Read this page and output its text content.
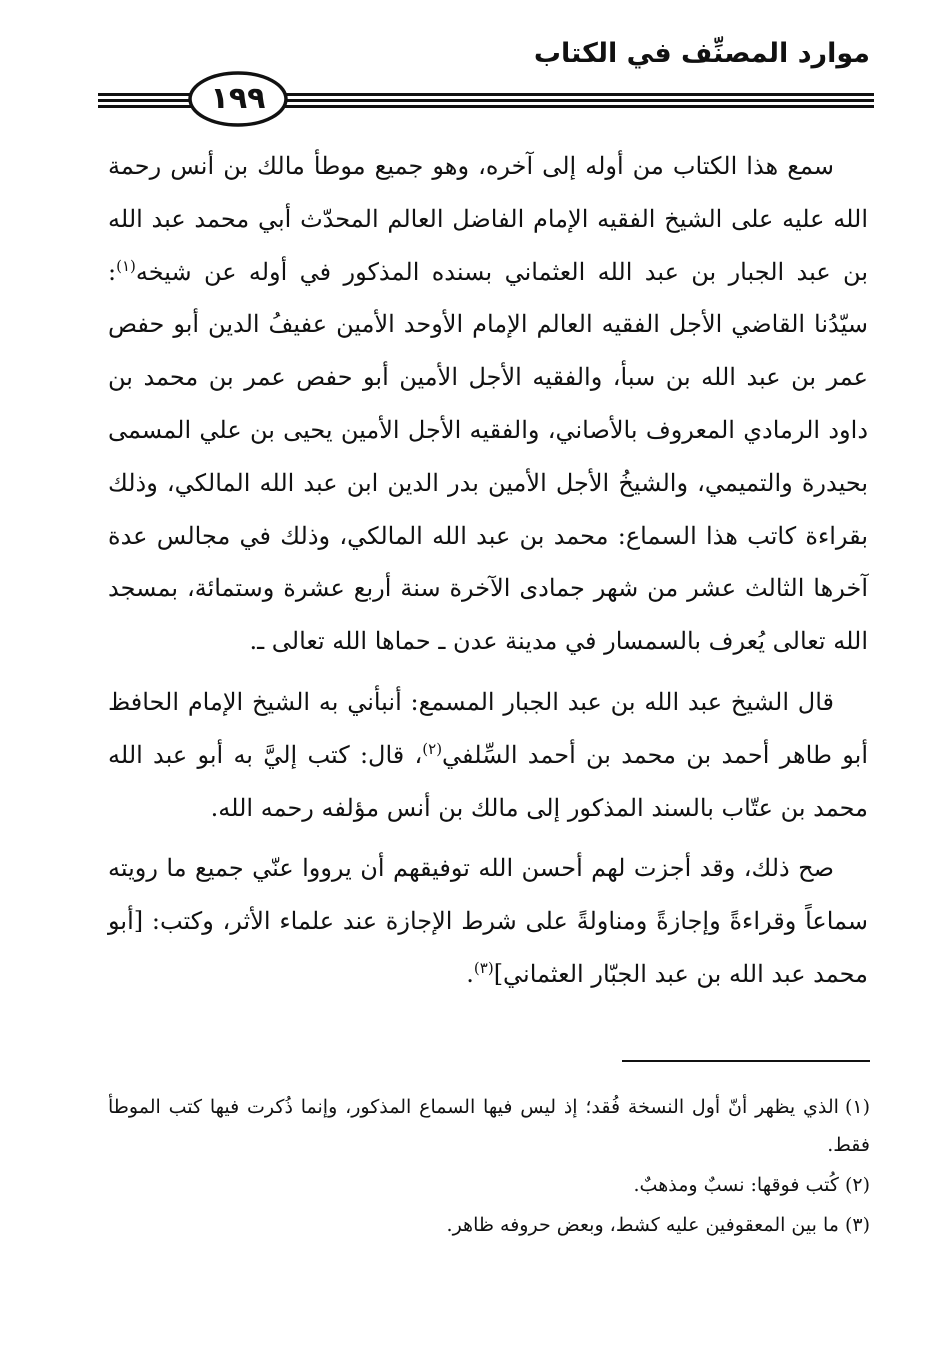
موارد المصنِّف في الكتاب
١٩٩

سمع هذا الكتاب من أوله إلى آخره، وهو جميع موطأ مالك بن أنس رحمة الله عليه على الشيخ الفقيه الإمام الفاضل العالم المحدّث أبي محمد عبد الله بن عبد الجبار بن عبد الله العثماني بسنده المذكور في أوله عن شيخه$^{(١)}$: سيّدُنا القاضي الأجل الفقيه العالم الإمام الأوحد الأمين عفيفُ الدين أبو حفص عمر بن عبد الله بن سبأ، والفقيه الأجل الأمين أبو حفص عمر بن محمد بن داود الرمادي المعروف بالأصاني، والفقيه الأجل الأمين يحيى بن علي المسمى بحيدرة والتميمي، والشيخُ الأجل الأمين بدر الدين ابن عبد الله المالكي، وذلك بقراءة كاتب هذا السماع: محمد بن عبد الله المالكي، وذلك في مجالس عدة آخرها الثالث عشر من شهر جمادى الآخرة سنة أربع عشرة وستمائة، بمسجد الله تعالى يُعرف بالسمسار في مدينة عدن ـ حماها الله تعالى ـ.

قال الشيخ عبد الله بن عبد الجبار المسمع: أنبأني به الشيخ الإمام الحافظ أبو طاهر أحمد بن محمد بن أحمد السِّلفي$^{(٢)}$، قال: كتب إليَّ به أبو عبد الله محمد بن عتّاب بالسند المذكور إلى مالك بن أنس مؤلفه رحمه الله.

صح ذلك، وقد أجزت لهم أحسن الله توفيقهم أن يرووا عنّي جميع ما رويته سماعاً وقراءةً وإجازةً ومناولةً على شرط الإجازة عند علماء الأثر، وكتب: [أبو محمد عبد الله بن عبد الجبّار العثماني]$^{(٣)}$.

(١)الذي يظهر أنّ أول النسخة فُقد؛ إذ ليس فيها السماع المذكور، وإنما ذُكرت فيها كتب الموطأ فقط.

(٢)كُتب فوقها: نسبٌ ومذهبٌ.

(٣)ما بين المعقوفين عليه كشط، وبعض حروفه ظاهر.
